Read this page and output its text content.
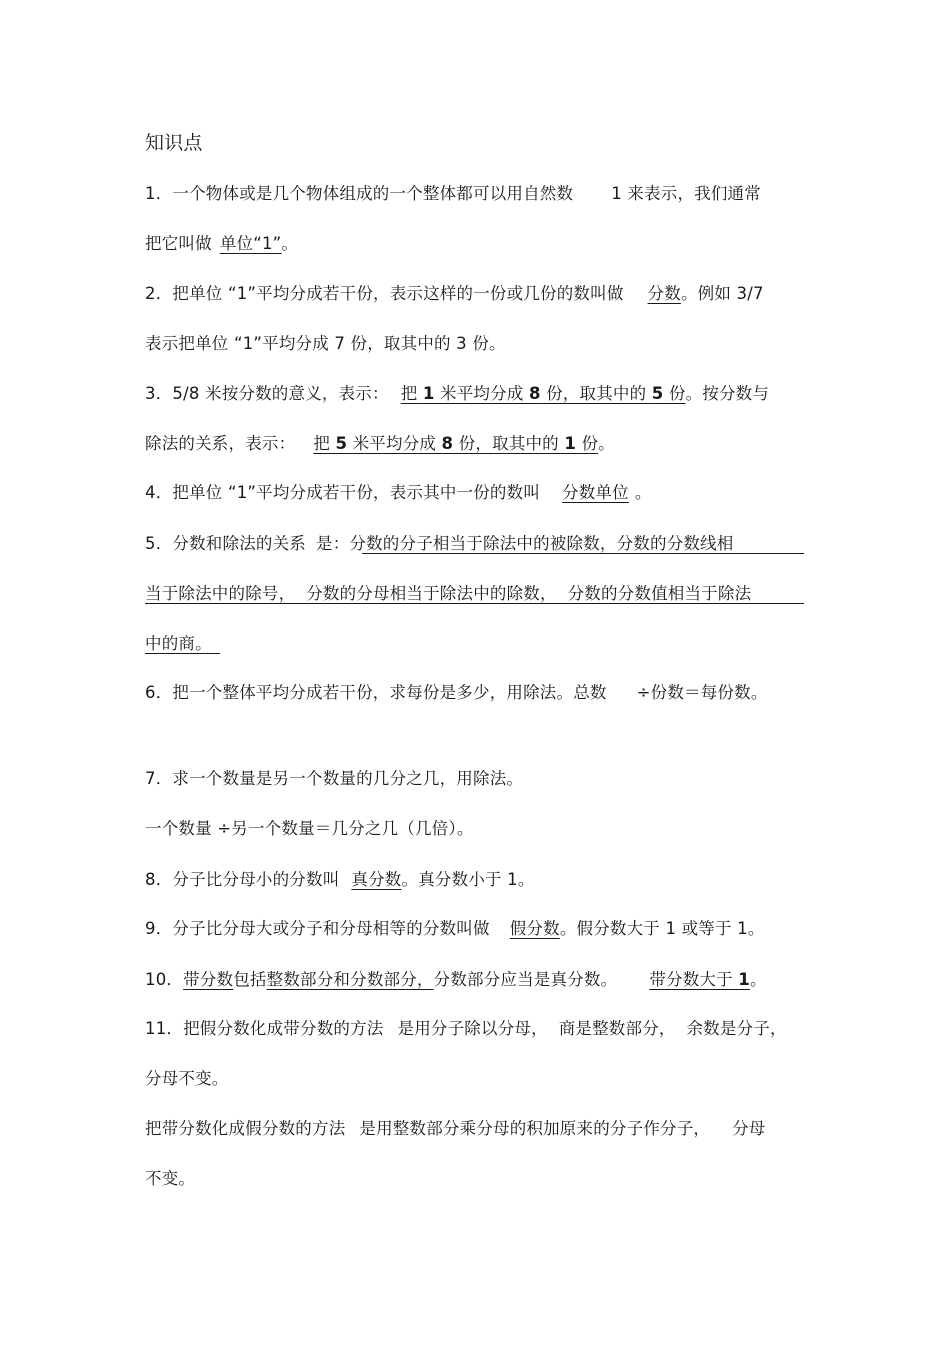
知识点
1．一个物体或是几个物体组成的一个整体都可以用自然数 1 来表示，我们通常
把它叫做 单位“1”。
2．把单位 “1”平均分成若干份，表示这样的一份或几份的数叫做 分数。例如 3/7
表示把单位 “1”平均分成 7 份，取其中的 3 份。
3．5/8 米按分数的意义，表示： 把 1 米平均分成 8 份，取其中的 5 份。按分数与
除法的关系，表示： 把 5 米平均分成 8 份，取其中的 1 份。
4．把单位 “1”平均分成若干份，表示其中一份的数叫 分数单位 。
5．分数和除法的关系 是：分数的分子相当于除法中的被除数，分数的分数线相
当于除法中的除号，  分数的分母相当于除法中的除数，  分数的分数值相当于除法
中的商。
6．把一个整体平均分成若干份，求每份是多少，用除法。总数 ÷份数＝每份数。
7．求一个数量是另一个数量的几分之几，用除法。
一个数量 ÷另一个数量＝几分之几（几倍）。
8．分子比分母小的分数叫 真分数。真分数小于 1。
9．分子比分母大或分子和分母相等的分数叫做 假分数。假分数大于 1 或等于 1。
10．带分数包括整数部分和分数部分，分数部分应当是真分数。 带分数大于 1。
11．把假分数化成带分数的方法 是用分子除以分母，  商是整数部分，  余数是分子，
分母不变。
把带分数化成假分数的方法 是用整数部分乘分母的积加原来的分子作分子， 分母
不变。
